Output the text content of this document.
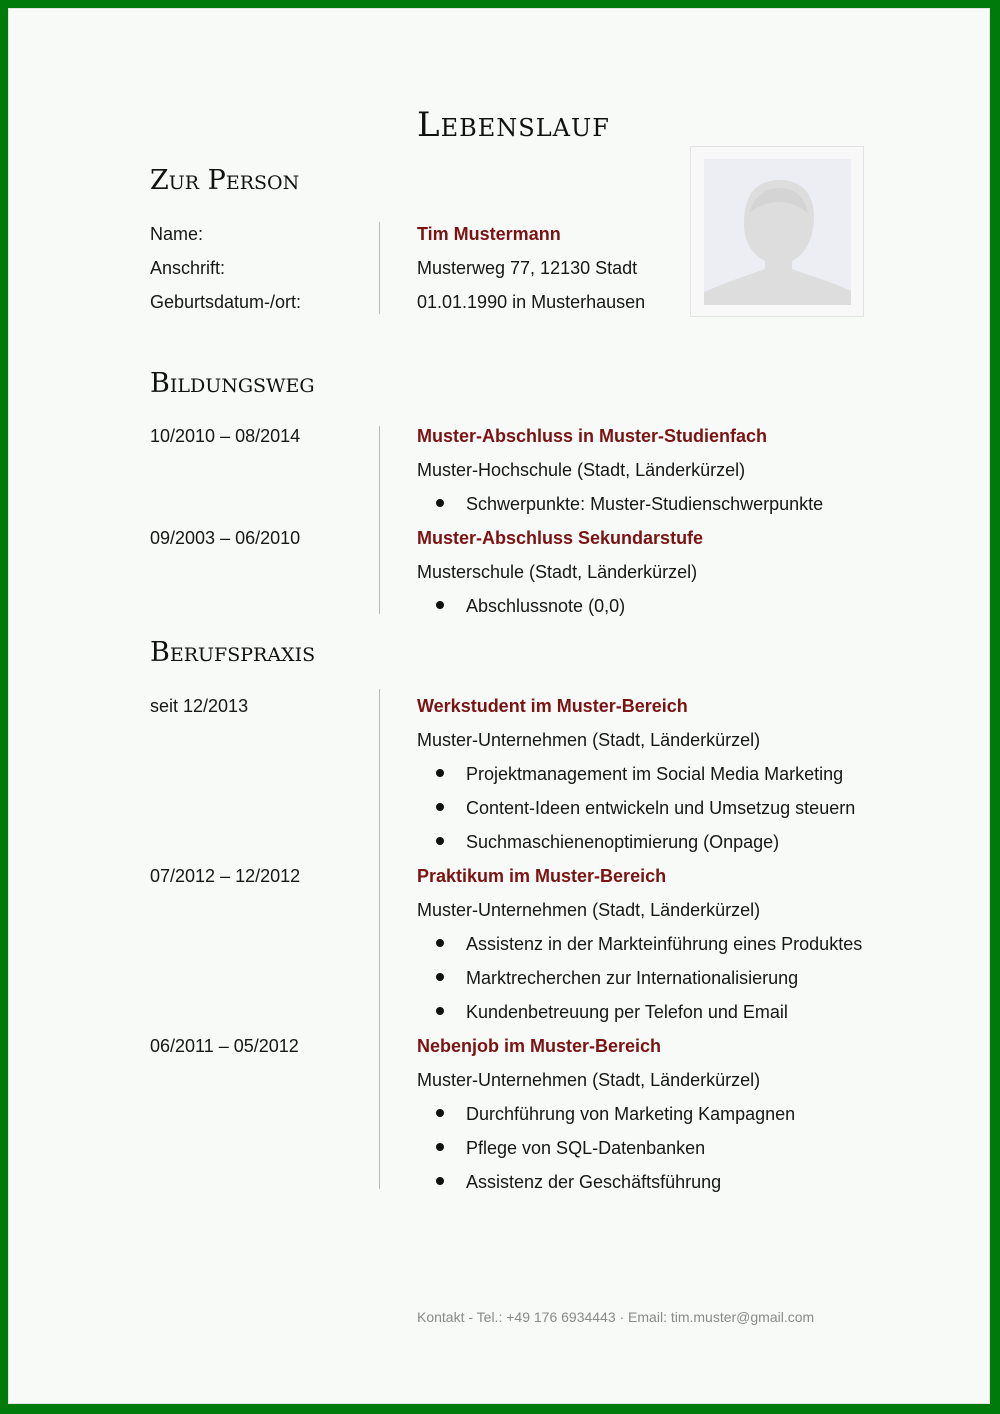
Lebenslauf
Zur Person
Name:	Tim Mustermann
Anschrift:	Musterweg 77, 12130 Stadt
Geburtsdatum-/ort:	01.01.1990 in Musterhausen
Bildungsweg
10/2010 – 08/2014	Muster-Abschluss in Muster-Studienfach
Muster-Hochschule (Stadt, Länderkürzel)
Schwerpunkte: Muster-Studienschwerpunkte
09/2003 – 06/2010	Muster-Abschluss Sekundarstufe
Musterschule (Stadt, Länderkürzel)
Abschlussnote (0,0)
Berufspraxis
seit 12/2013	Werkstudent im Muster-Bereich
Muster-Unternehmen (Stadt, Länderkürzel)
Projektmanagement im Social Media Marketing
Content-Ideen entwickeln und Umsetzug steuern
Suchmaschienenoptimierung (Onpage)
07/2012 – 12/2012	Praktikum im Muster-Bereich
Muster-Unternehmen (Stadt, Länderkürzel)
Assistenz in der Markteinführung eines Produktes
Marktrecherchen zur Internationalisierung
Kundenbetreuung per Telefon und Email
06/2011 – 05/2012	Nebenjob im Muster-Bereich
Muster-Unternehmen (Stadt, Länderkürzel)
Durchführung von Marketing Kampagnen
Pflege von SQL-Datenbanken
Assistenz der Geschäftsführung
Kontakt - Tel.: +49 176 6934443 · Email: tim.muster@gmail.com
